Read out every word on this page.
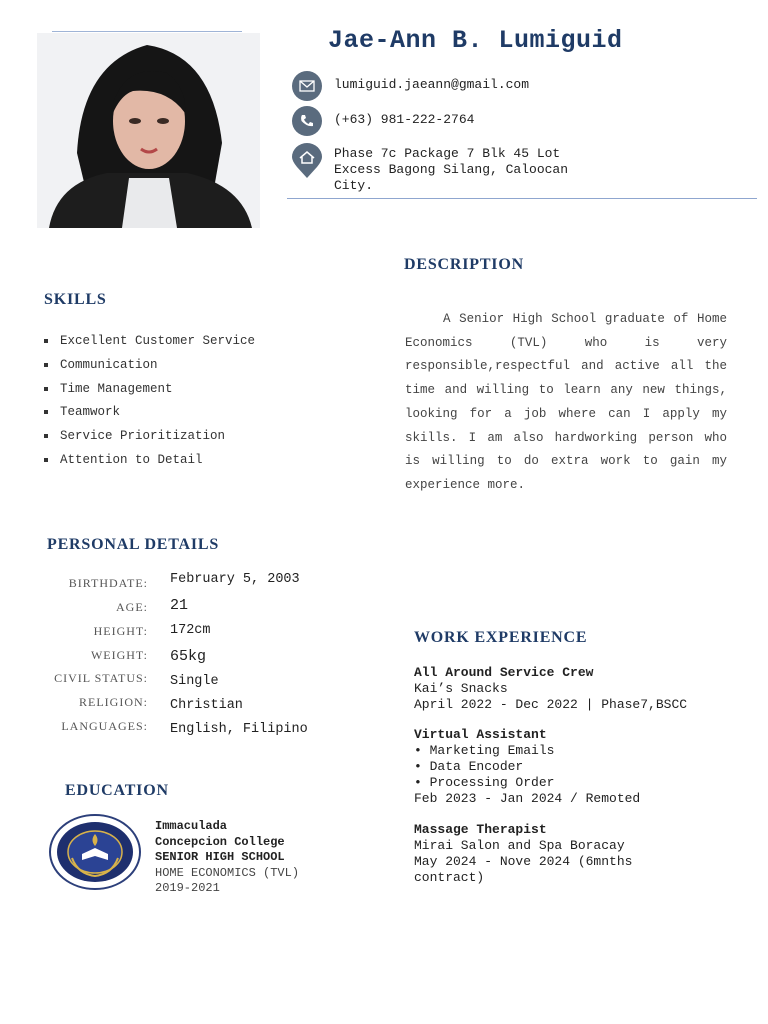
Jae-Ann B. Lumiguid
lumiguid.jaeann@gmail.com
(+63) 981-222-2764
Phase 7c Package 7 Blk 45 Lot
Excess Bagong Silang, Caloocan
City.
SKILLS
Excellent Customer Service
Communication
Time Management
Teamwork
Service Prioritization
Attention to Detail
DESCRIPTION
A Senior High School graduate of Home Economics (TVL) who is very responsible,respectful and active all the time and willing to learn any new things, looking for a job where can I apply my skills. I am also hardworking person who is willing to do extra work to gain my experience more.
PERSONAL DETAILS
BIRTHDATE: February 5, 2003
AGE: 21
HEIGHT: 172cm
WEIGHT: 65kg
CIVIL STATUS: Single
RELIGION: Christian
LANGUAGES: English, Filipino
WORK EXPERIENCE
All Around Service Crew
Kai’s Snacks
April 2022 - Dec 2022 | Phase7,BSCC
Virtual Assistant
• Marketing Emails
• Data Encoder
• Processing Order
Feb 2023 - Jan 2024 / Remoted
Massage Therapist
Mirai Salon and Spa Boracay
May 2024 - Nove 2024 (6mnths
contract)
EDUCATION
Immaculada
Concepcion College
SENIOR HIGH SCHOOL
HOME ECONOMICS (TVL)
2019-2021
